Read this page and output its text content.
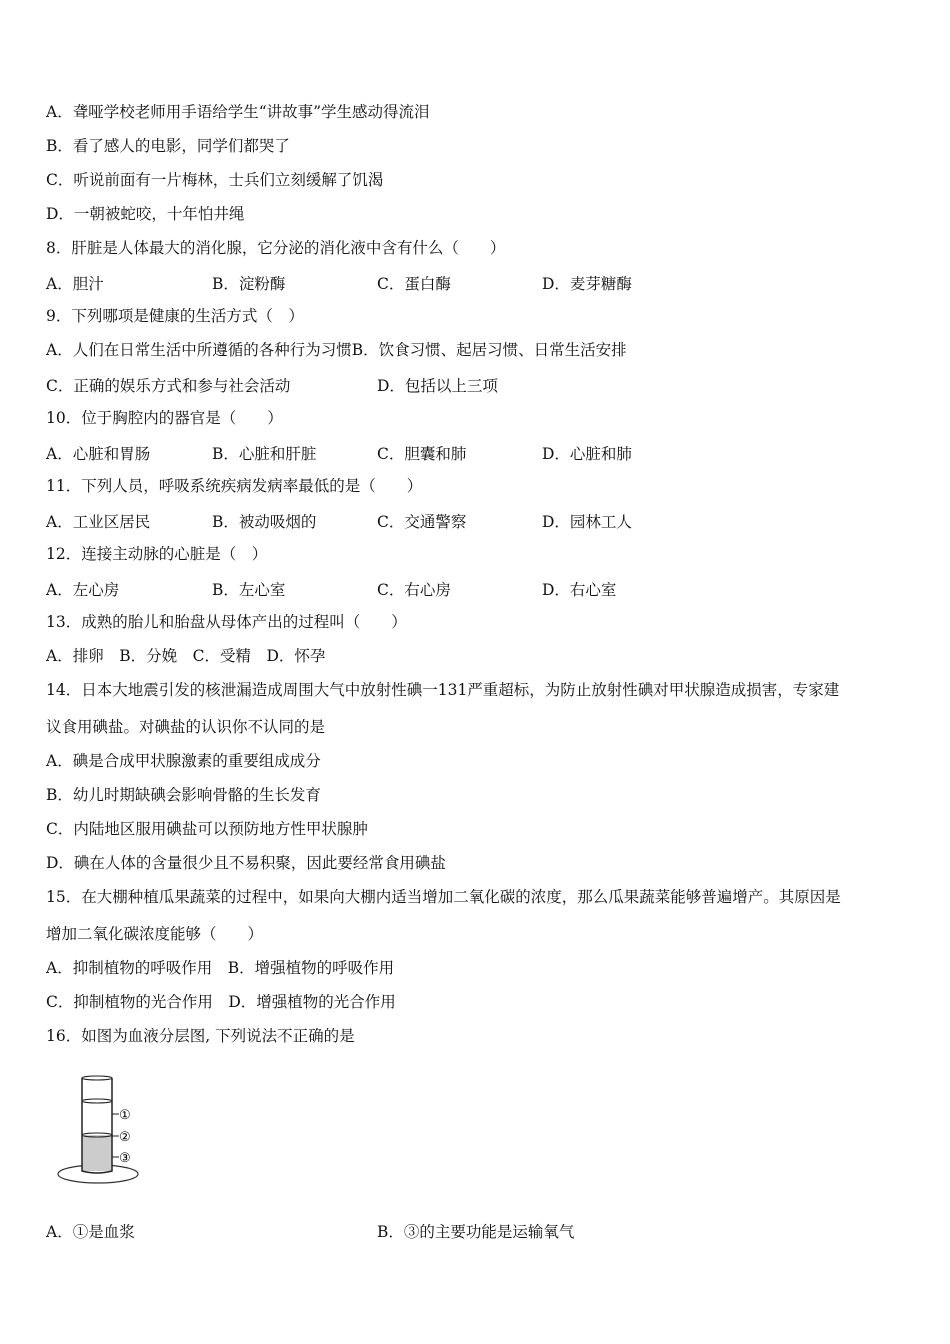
A．聋哑学校老师用手语给学生“讲故事”学生感动得流泪
B．看了感人的电影，同学们都哭了
C．听说前面有一片梅林，士兵们立刻缓解了饥渴
D．一朝被蛇咬，十年怕井绳
8．肝脏是人体最大的消化腺，它分泌的消化液中含有什么（　　）
A．胆汁	B．淀粉酶	C．蛋白酶	D．麦芽糖酶
9．下列哪项是健康的生活方式（　）
A．人们在日常生活中所遵循的各种行为习惯B．饮食习惯、起居习惯、日常生活安排
C．正确的娱乐方式和参与社会活动	D．包括以上三项
10．位于胸腔内的器官是（　　）
A．心脏和胃肠	B．心脏和肝脏	C．胆囊和肺	D．心脏和肺
11．下列人员，呼吸系统疾病发病率最低的是（　　）
A．工业区居民	B．被动吸烟的	C．交通警察	D．园林工人
12．连接主动脉的心脏是（　）
A．左心房	B．左心室	C．右心房	D．右心室
13．成熟的胎儿和胎盘从母体产出的过程叫（　　）
A．排卵　B．分娩　C．受精　D．怀孕
14．日本大地震引发的核泄漏造成周围大气中放射性碘一131严重超标，为防止放射性碘对甲状腺造成损害，专家建
议食用碘盐。对碘盐的认识你不认同的是
A．碘是合成甲状腺激素的重要组成成分
B．幼儿时期缺碘会影响骨骼的生长发育
C．内陆地区服用碘盐可以预防地方性甲状腺肿
D．碘在人体的含量很少且不易积聚，因此要经常食用碘盐
15．在大棚种植瓜果蔬菜的过程中，如果向大棚内适当增加二氧化碳的浓度，那么瓜果蔬菜能够普遍增产。其原因是
增加二氧化碳浓度能够（　　）
A．抑制植物的呼吸作用　B．增强植物的呼吸作用
C．抑制植物的光合作用　D．增强植物的光合作用
16．如图为血液分层图, 下列说法不正确的是
A．①是血浆	B．③的主要功能是运输氧气
①
②
③
